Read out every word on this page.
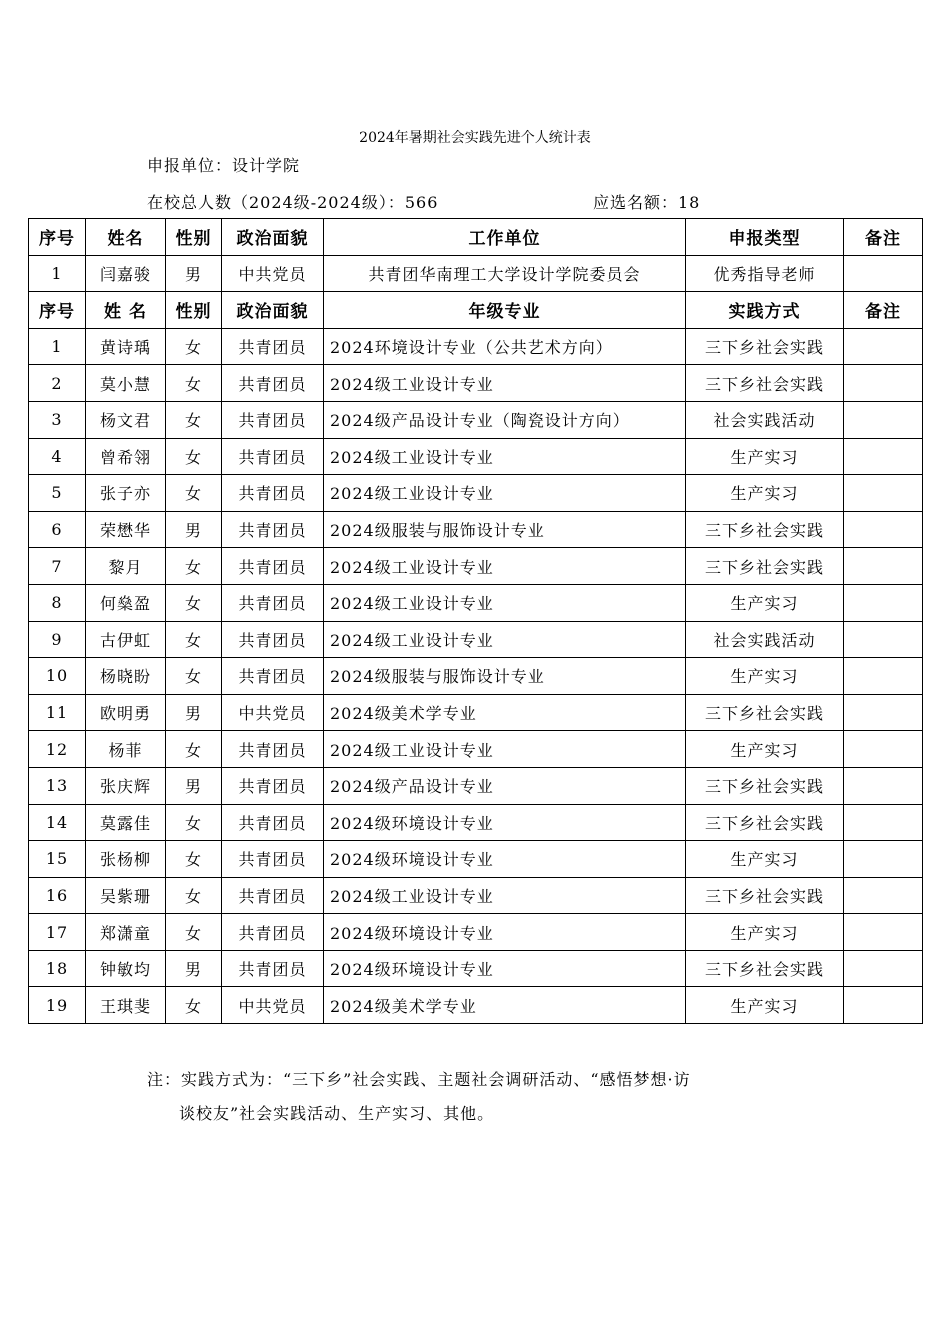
2024年暑期社会实践先进个人统计表
申报单位：设计学院
在校总人数（2024级-2024级）：566	应选名额：18
序号	姓名	性别	政治面貌	工作单位	申报类型	备注
1	闫嘉骏	男	中共党员	共青团华南理工大学设计学院委员会	优秀指导老师	
序号	姓 名	性别	政治面貌	年级专业	实践方式	备注
1	黄诗瑀	女	共青团员	2024环境设计专业（公共艺术方向）	三下乡社会实践	
2	莫小慧	女	共青团员	2024级工业设计专业	三下乡社会实践	
3	杨文君	女	共青团员	2024级产品设计专业（陶瓷设计方向）	社会实践活动	
4	曾希翎	女	共青团员	2024级工业设计专业	生产实习	
5	张子亦	女	共青团员	2024级工业设计专业	生产实习	
6	荣懋华	男	共青团员	2024级服装与服饰设计专业	三下乡社会实践	
7	黎月	女	共青团员	2024级工业设计专业	三下乡社会实践	
8	何燊盈	女	共青团员	2024级工业设计专业	生产实习	
9	古伊虹	女	共青团员	2024级工业设计专业	社会实践活动	
10	杨晓盼	女	共青团员	2024级服装与服饰设计专业	生产实习	
11	欧明勇	男	中共党员	2024级美术学专业	三下乡社会实践	
12	杨菲	女	共青团员	2024级工业设计专业	生产实习	
13	张庆辉	男	共青团员	2024级产品设计专业	三下乡社会实践	
14	莫露佳	女	共青团员	2024级环境设计专业	三下乡社会实践	
15	张杨柳	女	共青团员	2024级环境设计专业	生产实习	
16	吴紫珊	女	共青团员	2024级工业设计专业	三下乡社会实践	
17	郑潇童	女	共青团员	2024级环境设计专业	生产实习	
18	钟敏均	男	共青团员	2024级环境设计专业	三下乡社会实践	
19	王琪斐	女	中共党员	2024级美术学专业	生产实习	
注：实践方式为：“三下乡”社会实践、主题社会调研活动、“感悟梦想·访
谈校友”社会实践活动、生产实习、其他。
